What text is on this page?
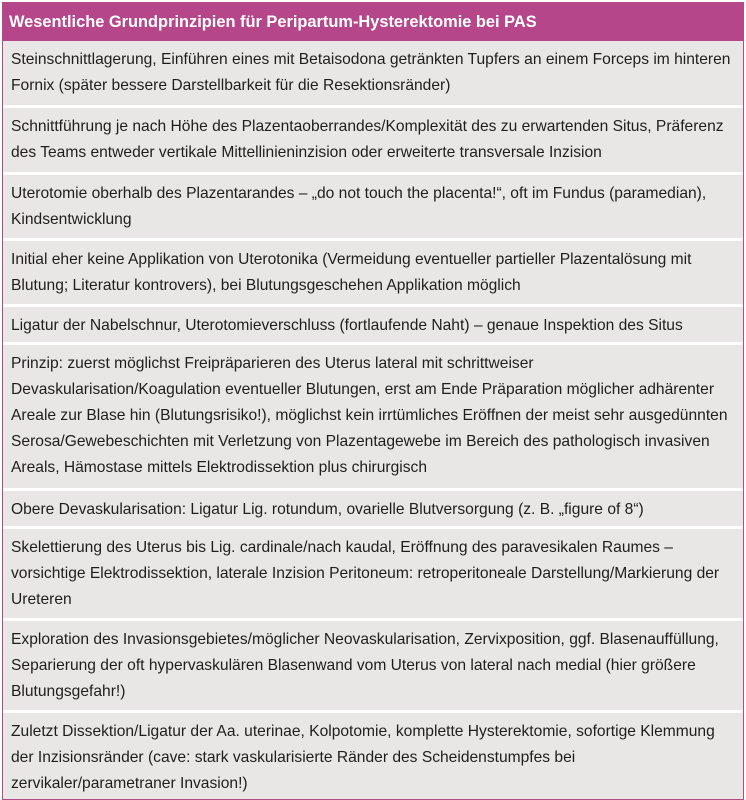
Wesentliche Grundprinzipien für Peripartum-Hysterektomie bei PAS
Steinschnittlagerung, Einführen eines mit Betaisodona getränkten Tupfers an einem Forceps im hinteren Fornix (später bessere Darstellbarkeit für die Resektionsränder)
Schnittführung je nach Höhe des Plazentaoberrandes/Komplexität des zu erwartenden Situs, Präferenz des Teams entweder vertikale Mittellinieninzision oder erweiterte transversale Inzision
Uterotomie oberhalb des Plazentarandes – „do not touch the placenta!“, oft im Fundus (paramedian), Kindsentwicklung
Initial eher keine Applikation von Uterotonika (Vermeidung eventueller partieller Plazentalösung mit Blutung; Literatur kontrovers), bei Blutungsgeschehen Applikation möglich
Ligatur der Nabelschnur, Uterotomieverschluss (fortlaufende Naht) – genaue Inspektion des Situs
Prinzip: zuerst möglichst Freipräparieren des Uterus lateral mit schrittweiser Devaskularisation/Koagulation eventueller Blutungen, erst am Ende Präparation möglicher adhärenter Areale zur Blase hin (Blutungsrisiko!), möglichst kein irrtümliches Eröffnen der meist sehr ausgedünnten Serosa/Gewebeschichten mit Verletzung von Plazentagewebe im Bereich des pathologisch invasiven Areals, Hämostase mittels Elektrodissektion plus chirurgisch
Obere Devaskularisation: Ligatur Lig. rotundum, ovarielle Blutversorgung (z. B. „figure of 8“)
Skelettierung des Uterus bis Lig. cardinale/nach kaudal, Eröffnung des paravesikalen Raumes – vorsichtige Elektrodissektion, laterale Inzision Peritoneum: retroperitoneale Darstellung/Markierung der Ureteren
Exploration des Invasionsgebietes/möglicher Neovaskularisation, Zervixposition, ggf. Blasenauffüllung, Separierung der oft hypervaskulären Blasenwand vom Uterus von lateral nach medial (hier größere Blutungsgefahr!)
Zuletzt Dissektion/Ligatur der Aa. uterinae, Kolpotomie, komplette Hysterektomie, sofortige Klemmung der Inzisionsränder (cave: stark vaskularisierte Ränder des Scheidenstumpfes bei zervikaler/parametraner Invasion!)
